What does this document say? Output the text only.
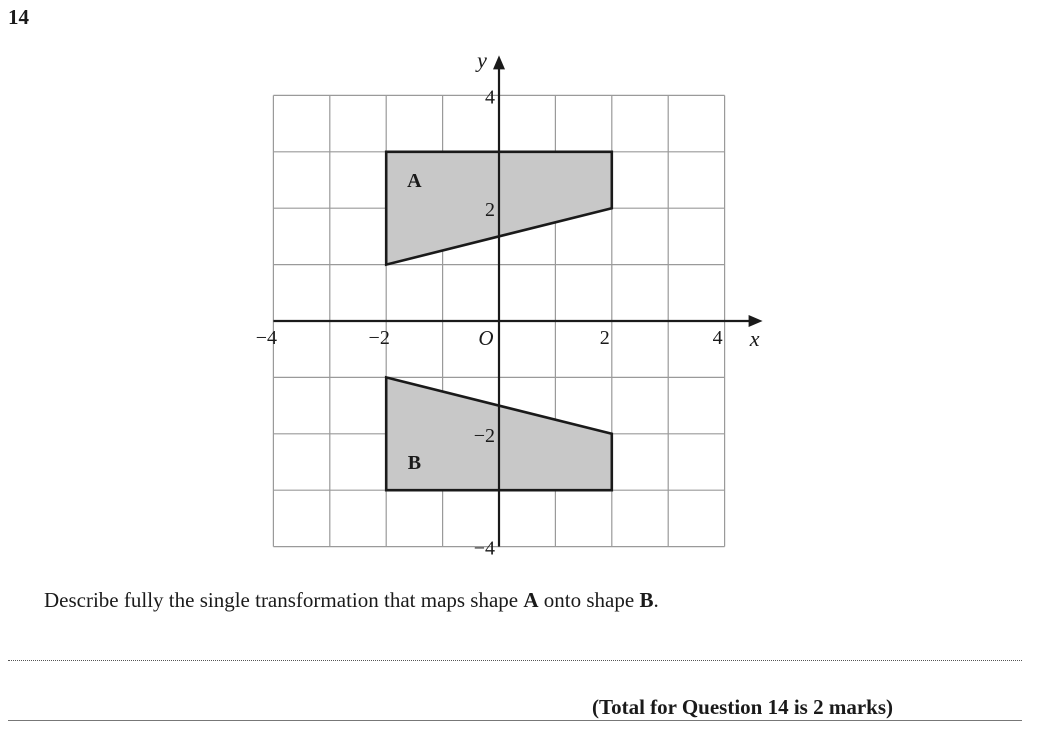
14
A
B
−4	−2	2	4
4
2
−2
−4
x
y
O
Describe fully the single transformation that maps shape A onto shape B.
(Total for Question 14 is 2 marks)
